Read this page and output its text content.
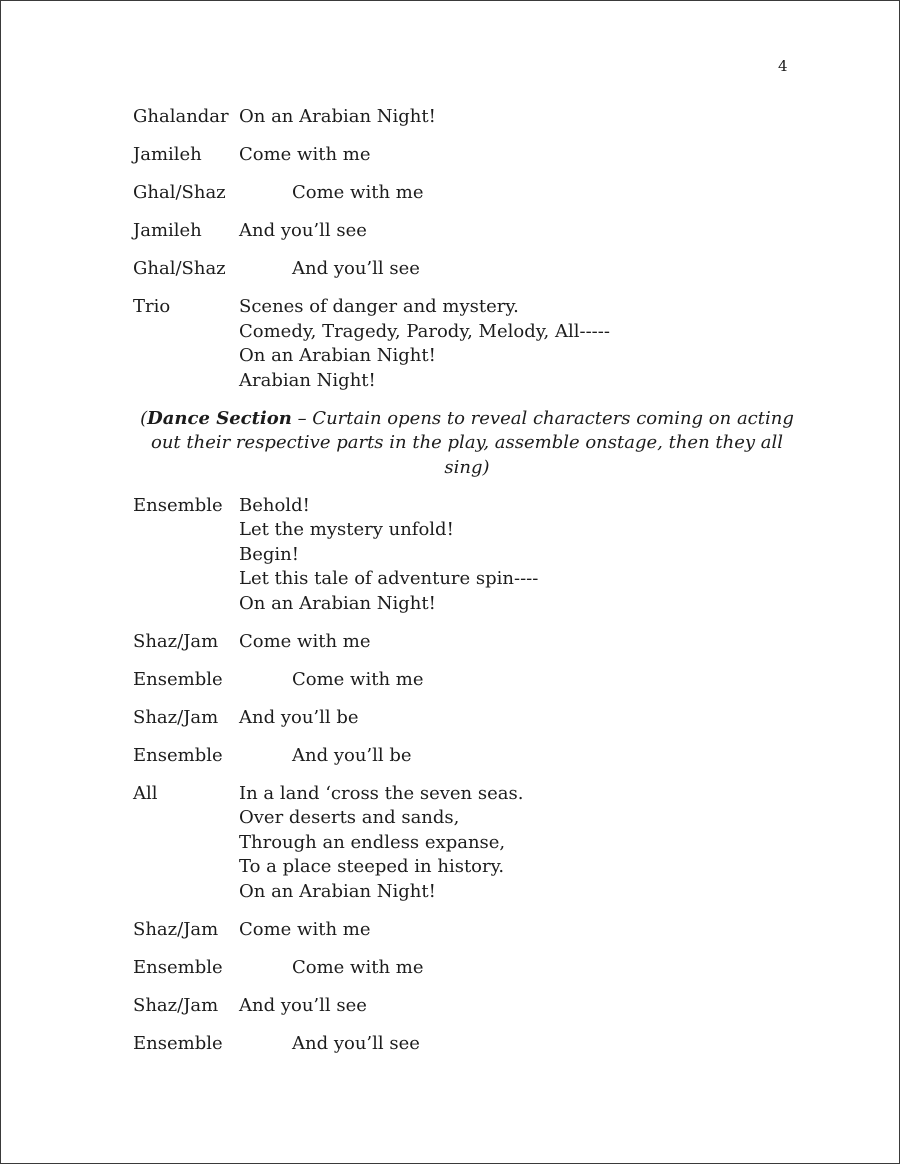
4
Ghalandar On an Arabian Night!
Jamileh	Come with me
Ghal/Shaz	Come with me
Jamileh	And you’ll see
Ghal/Shaz	And you’ll see
Trio	Scenes of danger and mystery.
Comedy, Tragedy, Parody, Melody, All-----
On an Arabian Night!
Arabian Night!
(Dance Section – Curtain opens to reveal characters coming on acting out their respective parts in the play, assemble onstage, then they all sing)
Ensemble Behold!
Let the mystery unfold!
Begin!
Let this tale of adventure spin----
On an Arabian Night!
Shaz/Jam	Come with me
Ensemble	Come with me
Shaz/Jam	And you’ll be
Ensemble	And you’ll be
All	In a land ‘cross the seven seas.
Over deserts and sands,
Through an endless expanse,
To a place steeped in history.
On an Arabian Night!
Shaz/Jam	Come with me
Ensemble	Come with me
Shaz/Jam	And you’ll see
Ensemble	And you’ll see
